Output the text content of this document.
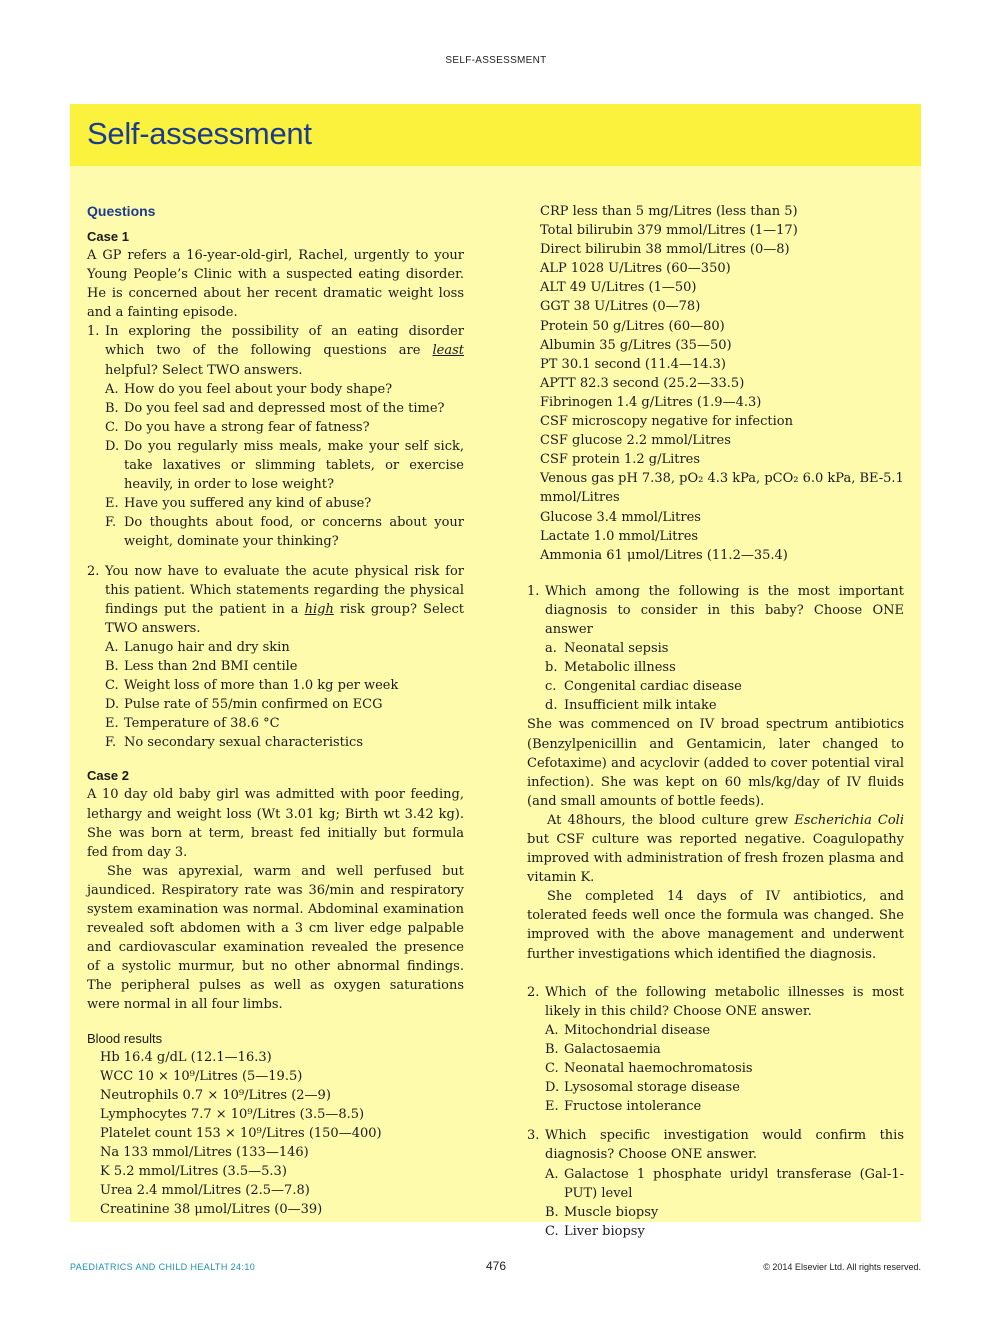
SELF-ASSESSMENT
Self-assessment
Questions
Case 1

A GP refers a 16-year-old-girl, Rachel, urgently to your Young People’s Clinic with a suspected eating disorder. He is concerned about her recent dramatic weight loss and a fainting episode.

1. In exploring the possibility of an eating disorder which two of the following questions are least helpful? Select TWO answers.
A. How do you feel about your body shape?
B. Do you feel sad and depressed most of the time?
C. Do you have a strong fear of fatness?
D. Do you regularly miss meals, make your self sick, take laxatives or slimming tablets, or exercise heavily, in order to lose weight?
E. Have you suffered any kind of abuse?
F. Do thoughts about food, or concerns about your weight, dominate your thinking?
2. You now have to evaluate the acute physical risk for this patient. Which statements regarding the physical findings put the patient in a high risk group? Select TWO answers.
A. Lanugo hair and dry skin
B. Less than 2nd BMI centile
C. Weight loss of more than 1.0 kg per week
D. Pulse rate of 55/min confirmed on ECG
E. Temperature of 38.6 °C
F. No secondary sexual characteristics
Case 2

A 10 day old baby girl was admitted with poor feeding, lethargy and weight loss (Wt 3.01 kg; Birth wt 3.42 kg). She was born at term, breast fed initially but formula fed from day 3.

She was apyrexial, warm and well perfused but jaundiced. Respiratory rate was 36/min and respiratory system examination was normal. Abdominal examination revealed soft abdomen with a 3 cm liver edge palpable and cardiovascular examination revealed the presence of a systolic murmur, but no other abnormal findings. The peripheral pulses as well as oxygen saturations were normal in all four limbs.

Blood results
Hb 16.4 g/dL (12.1—16.3)
WCC 10 × 10⁹/Litres (5—19.5)
Neutrophils 0.7 × 10⁹/Litres (2—9)
Lymphocytes 7.7 × 10⁹/Litres (3.5—8.5)
Platelet count 153 × 10⁹/Litres (150—400)
Na 133 mmol/Litres (133—146)
K 5.2 mmol/Litres (3.5—5.3)
Urea 2.4 mmol/Litres (2.5—7.8)
Creatinine 38 μmol/Litres (0—39)
CRP less than 5 mg/Litres (less than 5)
Total bilirubin 379 mmol/Litres (1—17)
Direct bilirubin 38 mmol/Litres (0—8)
ALP 1028 U/Litres (60—350)
ALT 49 U/Litres (1—50)
GGT 38 U/Litres (0—78)
Protein 50 g/Litres (60—80)
Albumin 35 g/Litres (35—50)
PT 30.1 second (11.4—14.3)
APTT 82.3 second (25.2—33.5)
Fibrinogen 1.4 g/Litres (1.9—4.3)
CSF microscopy negative for infection
CSF glucose 2.2 mmol/Litres
CSF protein 1.2 g/Litres
Venous gas pH 7.38, pO₂ 4.3 kPa, pCO₂ 6.0 kPa, BE-5.1 mmol/Litres
Glucose 3.4 mmol/Litres
Lactate 1.0 mmol/Litres
Ammonia 61 μmol/Litres (11.2—35.4)
1. Which among the following is the most important diagnosis to consider in this baby? Choose ONE answer
a. Neonatal sepsis
b. Metabolic illness
c. Congenital cardiac disease
d. Insufficient milk intake

She was commenced on IV broad spectrum antibiotics (Benzylpenicillin and Gentamicin, later changed to Cefotaxime) and acyclovir (added to cover potential viral infection). She was kept on 60 mls/kg/day of IV fluids (and small amounts of bottle feeds).

At 48hours, the blood culture grew Escherichia Coli but CSF culture was reported negative. Coagulopathy improved with administration of fresh frozen plasma and vitamin K.

She completed 14 days of IV antibiotics, and tolerated feeds well once the formula was changed. She improved with the above management and underwent further investigations which identified the diagnosis.

2. Which of the following metabolic illnesses is most likely in this child? Choose ONE answer.
A. Mitochondrial disease
B. Galactosaemia
C. Neonatal haemochromatosis
D. Lysosomal storage disease
E. Fructose intolerance
3. Which specific investigation would confirm this diagnosis? Choose ONE answer.
A. Galactose 1 phosphate uridyl transferase (Gal-1-PUT) level
B. Muscle biopsy
C. Liver biopsy
PAEDIATRICS AND CHILD HEALTH 24:10	476	© 2014 Elsevier Ltd. All rights reserved.
